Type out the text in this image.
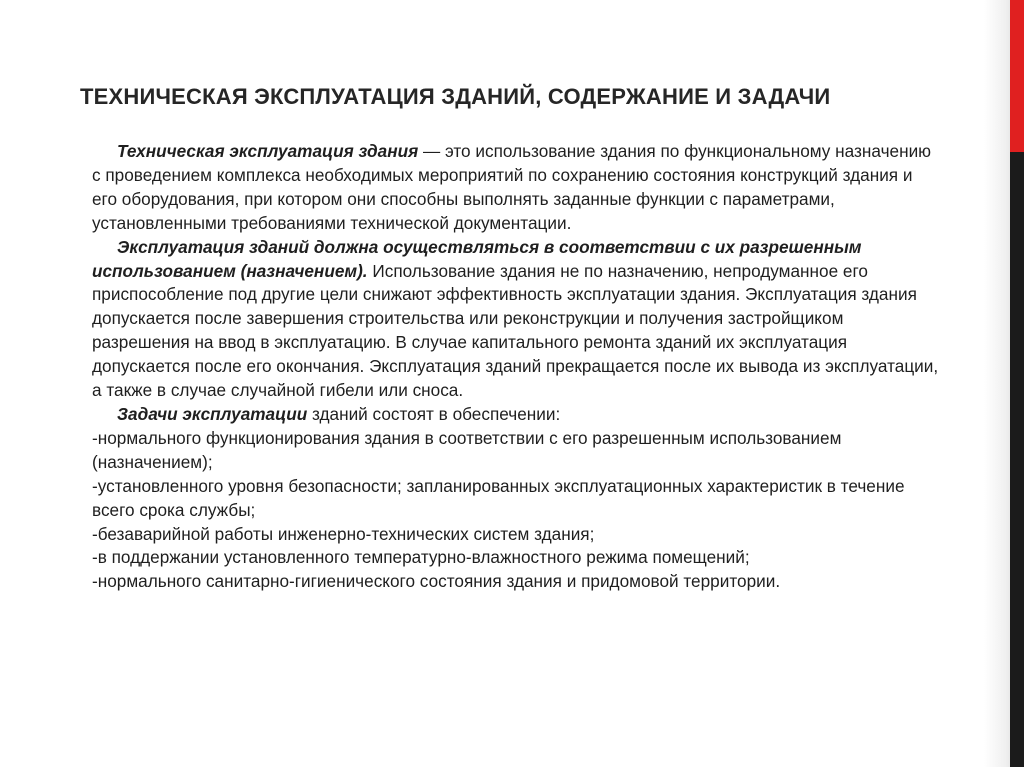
ТЕХНИЧЕСКАЯ ЭКСПЛУАТАЦИЯ ЗДАНИЙ, СОДЕРЖАНИЕ И ЗАДАЧИ

Техническая эксплуатация здания — это использование здания по функциональному назначению с проведением комплекса необходимых мероприятий по сохранению состояния конструкций здания и его оборудования, при котором они способны выполнять заданные функции с параметрами, установленными требованиями технической документации.

Эксплуатация зданий должна осуществляться в соответствии с их разрешенным использованием (назначением). Использование здания не по назначению, непродуманное его приспособление под другие цели снижают эффективность эксплуатации здания. Эксплуатация здания допускается после завершения строительства или реконструкции и получения застройщиком разрешения на ввод в эксплуатацию. В случае капитального ремонта зданий их эксплуатация допускается после его окончания. Эксплуатация зданий прекращается после их вывода из эксплуатации, а также в случае случайной гибели или сноса.

Задачи эксплуатации зданий состоят в обеспечении:

-нормального функционирования здания в соответствии с его разрешенным использованием (назначением);

-установленного уровня безопасности; запланированных эксплуатационных характеристик в течение всего срока службы;

-безаварийной работы инженерно-технических систем здания;

-в поддержании установленного температурно-влажностного режима помещений;

-нормального санитарно-гигиенического состояния здания и придомовой территории.
